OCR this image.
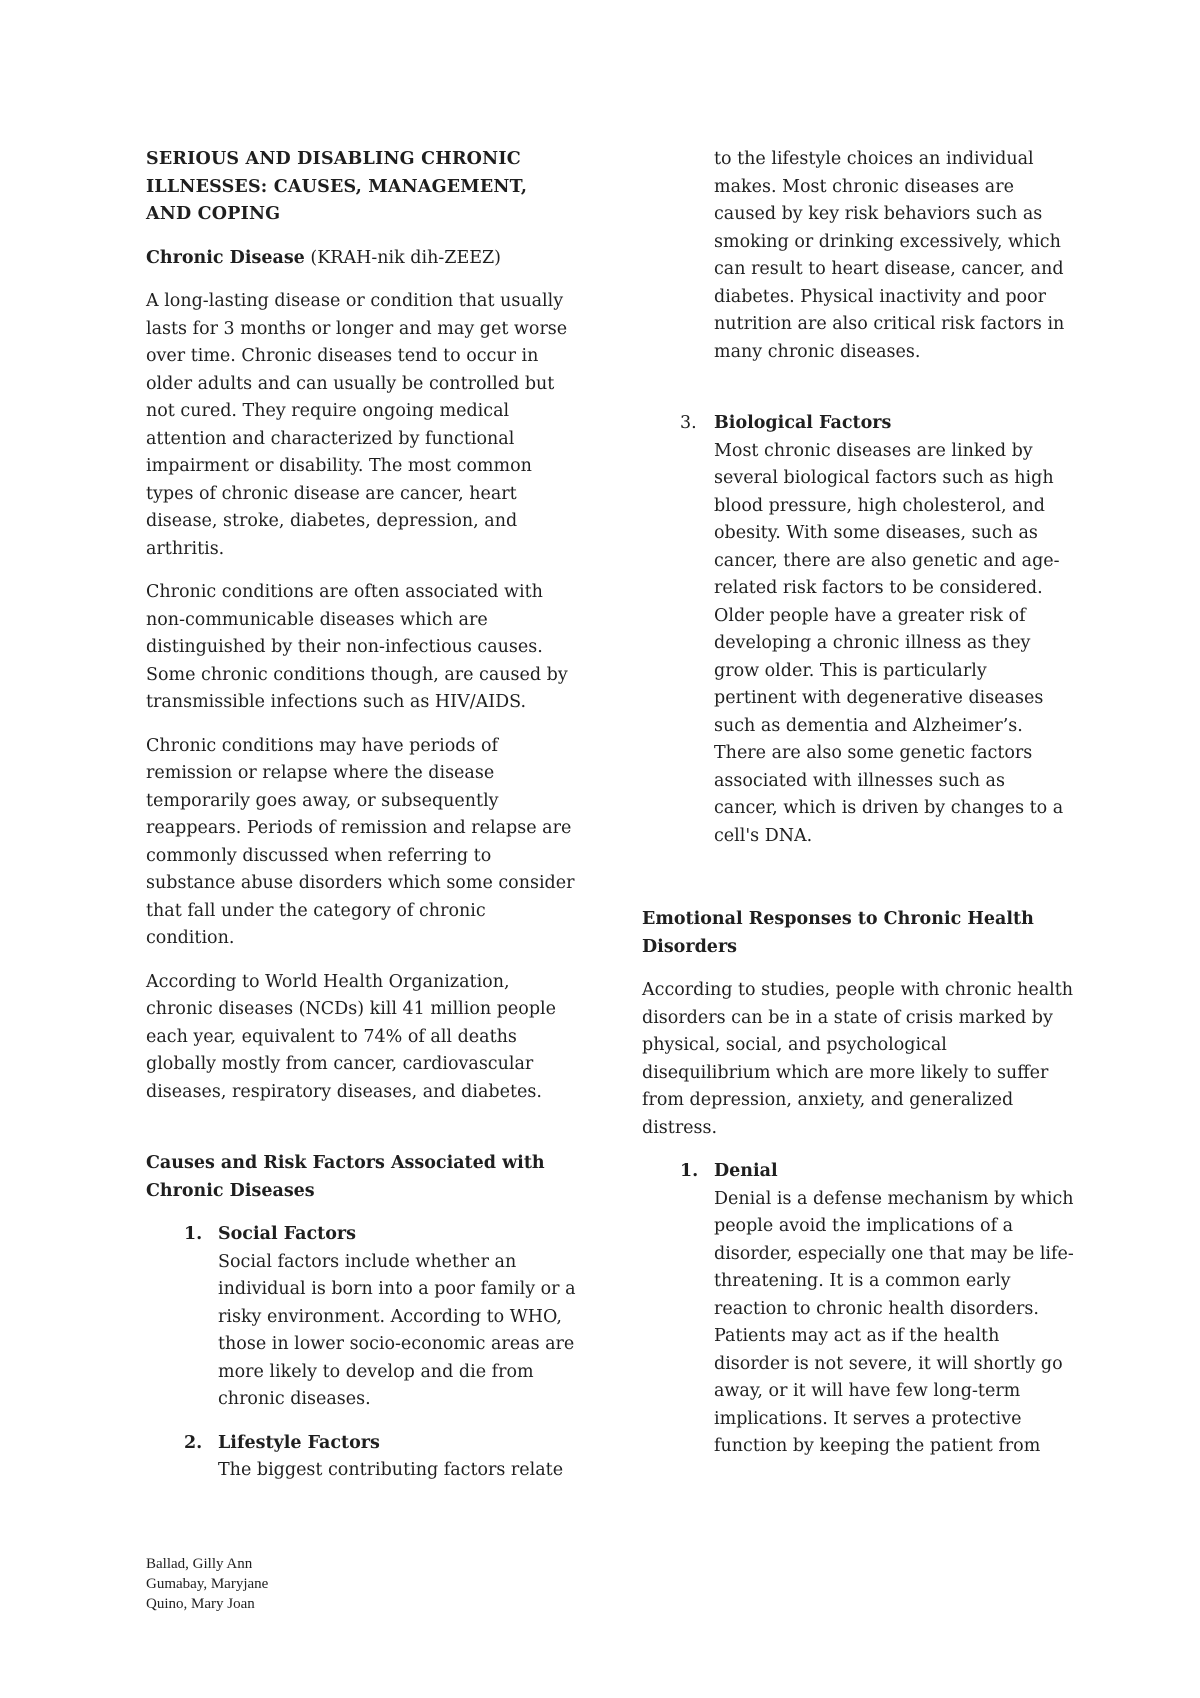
SERIOUS AND DISABLING CHRONIC ILLNESSES: CAUSES, MANAGEMENT, AND COPING

Chronic Disease (KRAH-nik dih-ZEEZ)

A long-lasting disease or condition that usually lasts for 3 months or longer and may get worse over time. Chronic diseases tend to occur in older adults and can usually be controlled but not cured. They require ongoing medical attention and characterized by functional impairment or disability. The most common types of chronic disease are cancer, heart disease, stroke, diabetes, depression, and arthritis.

Chronic conditions are often associated with non-communicable diseases which are distinguished by their non-infectious causes. Some chronic conditions though, are caused by transmissible infections such as HIV/AIDS.

Chronic conditions may have periods of remission or relapse where the disease temporarily goes away, or subsequently reappears. Periods of remission and relapse are commonly discussed when referring to substance abuse disorders which some consider that fall under the category of chronic condition.

According to World Health Organization, chronic diseases (NCDs) kill 41 million people each year, equivalent to 74% of all deaths globally mostly from cancer, cardiovascular diseases, respiratory diseases, and diabetes.

Causes and Risk Factors Associated with Chronic Diseases
1. Social Factors
Social factors include whether an individual is born into a poor family or a risky environment. According to WHO, those in lower socio-economic areas are more likely to develop and die from chronic diseases.
2. Lifestyle Factors
The biggest contributing factors relate

to the lifestyle choices an individual makes. Most chronic diseases are caused by key risk behaviors such as smoking or drinking excessively, which can result to heart disease, cancer, and diabetes. Physical inactivity and poor nutrition are also critical risk factors in many chronic diseases.

3. Biological Factors
Most chronic diseases are linked by several biological factors such as high blood pressure, high cholesterol, and obesity. With some diseases, such as cancer, there are also genetic and age-related risk factors to be considered. Older people have a greater risk of developing a chronic illness as they grow older. This is particularly pertinent with degenerative diseases such as dementia and Alzheimer’s. There are also some genetic factors associated with illnesses such as cancer, which is driven by changes to a cell's DNA.
Emotional Responses to Chronic Health Disorders

According to studies, people with chronic health disorders can be in a state of crisis marked by physical, social, and psychological disequilibrium which are more likely to suffer from depression, anxiety, and generalized distress.

1. Denial
Denial is a defense mechanism by which people avoid the implications of a disorder, especially one that may be life-threatening. It is a common early reaction to chronic health disorders. Patients may act as if the health disorder is not severe, it will shortly go away, or it will have few long-term implications. It serves a protective function by keeping the patient from
Ballad, Gilly Ann
Gumabay, Maryjane
Quino, Mary Joan
